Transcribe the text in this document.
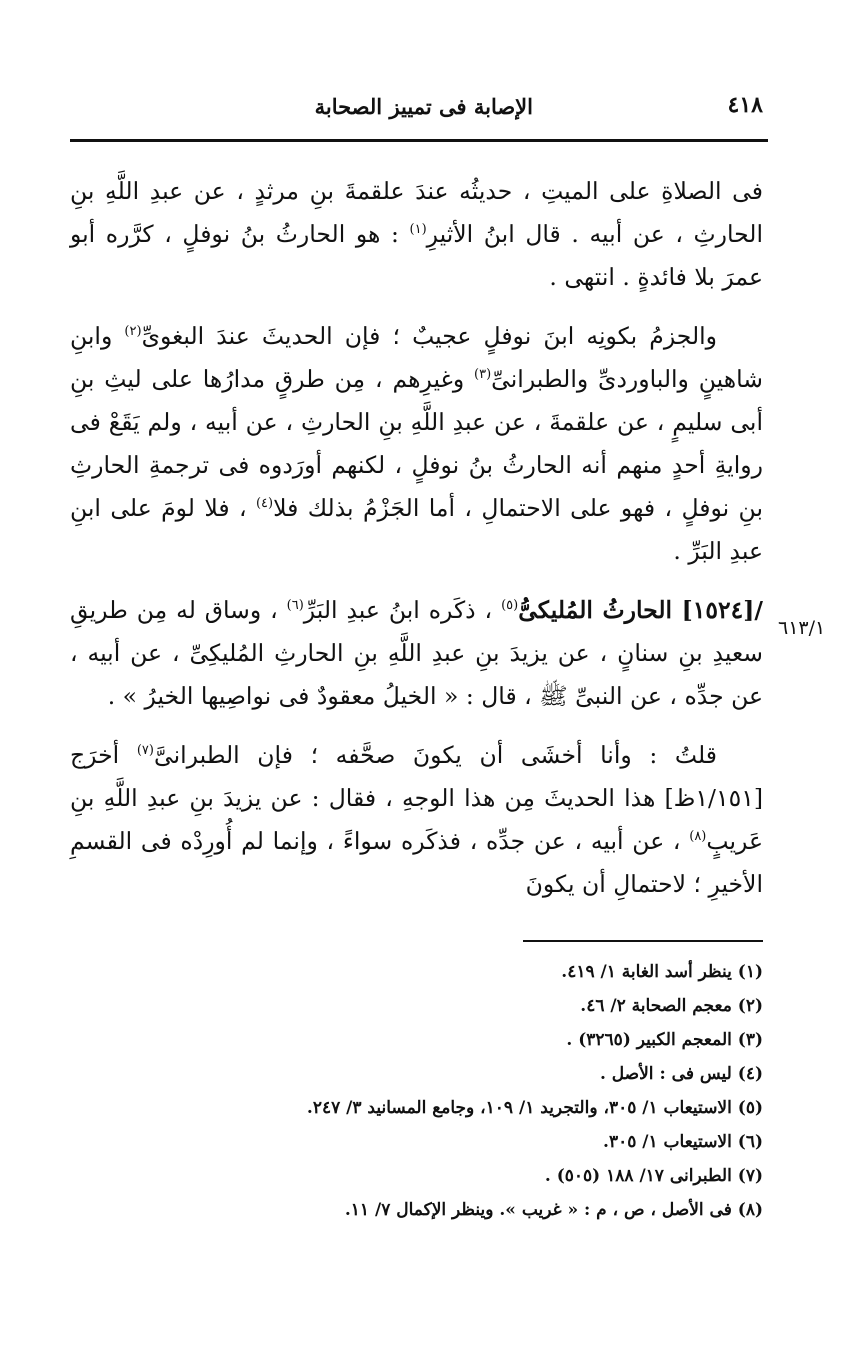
٤١٨
الإصابة فى تمييز الصحابة
٦١٣/١

فى الصلاةِ على الميتِ ، حديثُه عندَ علقمةَ بنِ مرثدٍ ، عن عبدِ اللَّهِ بنِ الحارثِ ، عن أبيه . قال ابنُ الأثيرِ$^{(١)}$ : هو الحارثُ بنُ نوفلٍ ، كرَّره أبو عمرَ بلا فائدةٍ . انتهى .

والجزمُ بكونِه ابنَ نوفلٍ عجيبٌ ؛ فإن الحديثَ عندَ البغوىِّ$^{(٢)}$ وابنِ شاهينٍ والباوردىِّ والطبرانىِّ$^{(٣)}$ وغيرِهم ، مِن طرقٍ مدارُها على ليثِ بنِ أبى سليمٍ ، عن علقمةَ ، عن عبدِ اللَّهِ بنِ الحارثِ ، عن أبيه ، ولم يَقَعْ فى روايةِ أحدٍ منهم أنه الحارثُ بنُ نوفلٍ ، لكنهم أورَدوه فى ترجمةِ الحارثِ بنِ نوفلٍ ، فهو على الاحتمالِ ، أما الجَزْمُ بذلك فلا$^{(٤)}$ ، فلا لومَ على ابنِ عبدِ البَرِّ .

/[١٥٢٤] الحارثُ المُليكىُّ$^{(٥)}$ ، ذكَره ابنُ عبدِ البَرِّ$^{(٦)}$ ، وساق له مِن طريقِ سعيدِ بنِ سنانٍ ، عن يزيدَ بنِ عبدِ اللَّهِ بنِ الحارثِ المُليكِىِّ ، عن أبيه ، عن جدِّه ، عن النبىِّ ﷺ ، قال : « الخيلُ معقودٌ فى نواصِيها الخيرُ » .

قلتُ : وأنا أخشَى أن يكونَ صحَّفه ؛ فإن الطبرانىَّ$^{(٧)}$ أخرَج [١/١٥١ظ] هذا الحديثَ مِن هذا الوجهِ ، فقال : عن يزيدَ بنِ عبدِ اللَّهِ بنِ عَريبٍ$^{(٨)}$ ، عن أبيه ، عن جدِّه ، فذكَره سواءً ، وإنما لم أُورِدْه فى القسمِ الأخيرِ ؛ لاحتمالِ أن يكونَ

(١) ينظر أسد الغابة ١/ ٤١٩.

(٢) معجم الصحابة ٢/ ٤٦.

(٣) المعجم الكبير (٣٢٦٥) .

(٤) ليس فى : الأصل .

(٥) الاستيعاب ١/ ٣٠٥، والتجريد ١/ ١٠٩، وجامع المسانيد ٣/ ٢٤٧.

(٦) الاستيعاب ١/ ٣٠٥.

(٧) الطبرانى ١٧/ ١٨٨ (٥٠٥) .

(٨) فى الأصل ، ص ، م : « غريب ». وينظر الإكمال ٧/ ١١.
